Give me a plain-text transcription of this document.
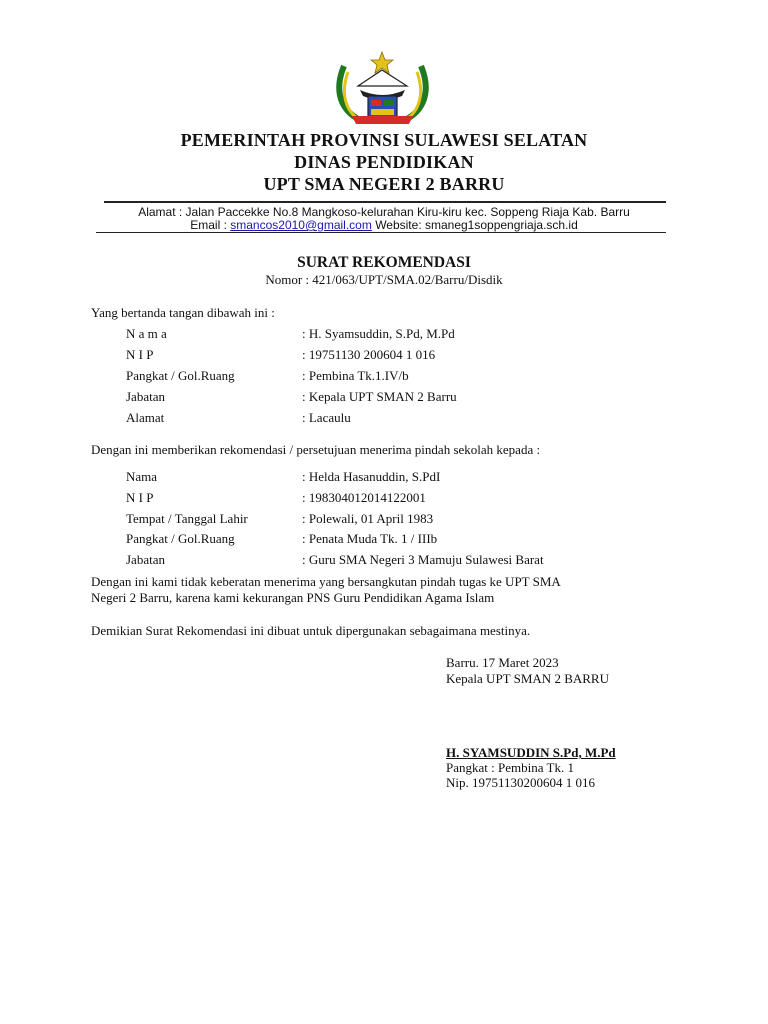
PEMERINTAH PROVINSI SULAWESI SELATAN
DINAS PENDIDIKAN
UPT SMA NEGERI 2 BARRU
Alamat : Jalan Paccekke No.8 Mangkoso-kelurahan Kiru-kiru kec. Soppeng Riaja Kab. Barru
Email : smancos2010@gmail.com Website: smaneg1soppengriaja.sch.id
SURAT REKOMENDASI
Nomor : 421/063/UPT/SMA.02/Barru/Disdik
Yang bertanda tangan dibawah ini :
N a m a	: H. Syamsuddin, S.Pd, M.Pd
N I P	: 19751130 200604 1 016
Pangkat / Gol.Ruang	: Pembina Tk.1.IV/b
Jabatan	: Kepala UPT SMAN 2 Barru
Alamat	: Lacaulu
Dengan ini memberikan rekomendasi / persetujuan menerima pindah sekolah kepada :
Nama	: Helda Hasanuddin, S.PdI
N I P	: 198304012014122001
Tempat / Tanggal Lahir	: Polewali, 01 April 1983
Pangkat / Gol.Ruang	: Penata Muda Tk. 1 / IIIb
Jabatan	: Guru SMA Negeri 3 Mamuju Sulawesi Barat
Dengan ini kami tidak keberatan menerima yang bersangkutan pindah tugas ke UPT SMA
Negeri 2 Barru, karena kami kekurangan PNS Guru Pendidikan Agama Islam
Demikian Surat Rekomendasi ini dibuat untuk dipergunakan sebagaimana mestinya.
Barru. 17 Maret 2023
Kepala UPT SMAN 2 BARRU
H. SYAMSUDDIN S.Pd, M.Pd
Pangkat : Pembina Tk. 1
Nip. 19751130200604 1 016
